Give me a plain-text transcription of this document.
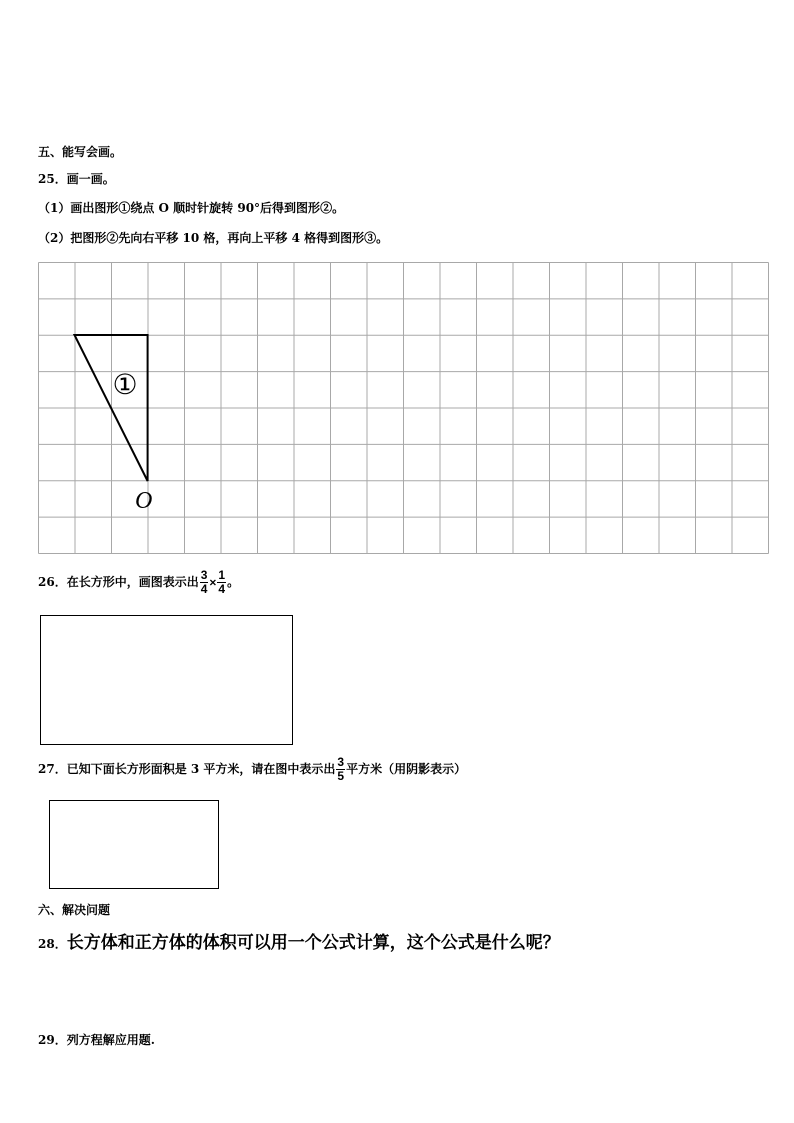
五、能写会画。
25．画一画。
（1）画出图形①绕点 O 顺时针旋转 90°后得到图形②。
（2）把图形②先向右平移 10 格，再向上平移 4 格得到图形③。
①
O
26．在长方形中，画图表示出 $\frac{3}{4} \times \frac{1}{4}$ 。
27．已知下面长方形面积是 3 平方米，请在图中表示出 $\frac{3}{5}$ 平方米（用阴影表示）
六、解决问题
28．长方体和正方体的体积可以用一个公式计算，这个公式是什么呢？
29．列方程解应用题.
